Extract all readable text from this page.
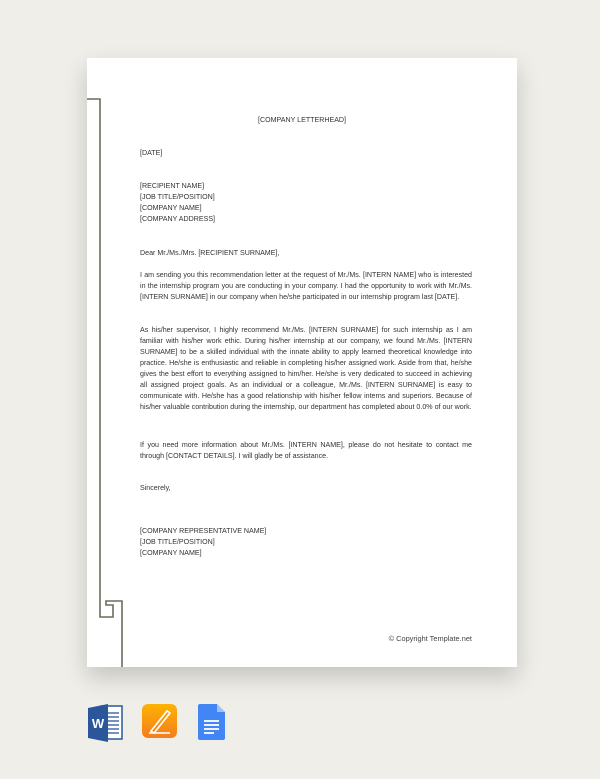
[COMPANY LETTERHEAD]
[DATE]
[RECIPIENT NAME]
[JOB TITLE/POSITION]
[COMPANY NAME]
[COMPANY ADDRESS]
Dear Mr./Ms./Mrs. [RECIPIENT SURNAME],
I am sending you this recommendation letter at the request of Mr./Ms. [INTERN NAME] who is interested in the internship program you are conducting in your company. I had the opportunity to work with Mr./Ms. [INTERN SURNAME] in our company when he/she participated in our internship program last [DATE].
As his/her supervisor, I highly recommend Mr./Ms. [INTERN SURNAME] for such internship as I am familiar with his/her work ethic. During his/her internship at our company, we found Mr./Ms. [INTERN SURNAME] to be a skilled individual with the innate ability to apply learned theoretical knowledge into practice. He/she is enthusiastic and reliable in completing his/her assigned work. Aside from that, he/she gives the best effort to everything assigned to him/her. He/she is very dedicated to succeed in achieving all assigned project goals. As an individual or a colleague, Mr./Ms. [INTERN SURNAME] is easy to communicate with. He/she has a good relationship with his/her fellow interns and superiors. Because of his/her valuable contribution during the internship, our department has completed about 0.0% of our work.
If you need more information about Mr./Ms. [INTERN NAME], please do not hesitate to contact me through [CONTACT DETAILS]. I will gladly be of assistance.
Sincerely,
[COMPANY REPRESENTATIVE NAME]
[JOB TITLE/POSITION]
[COMPANY NAME]
© Copyright Template.net
W
